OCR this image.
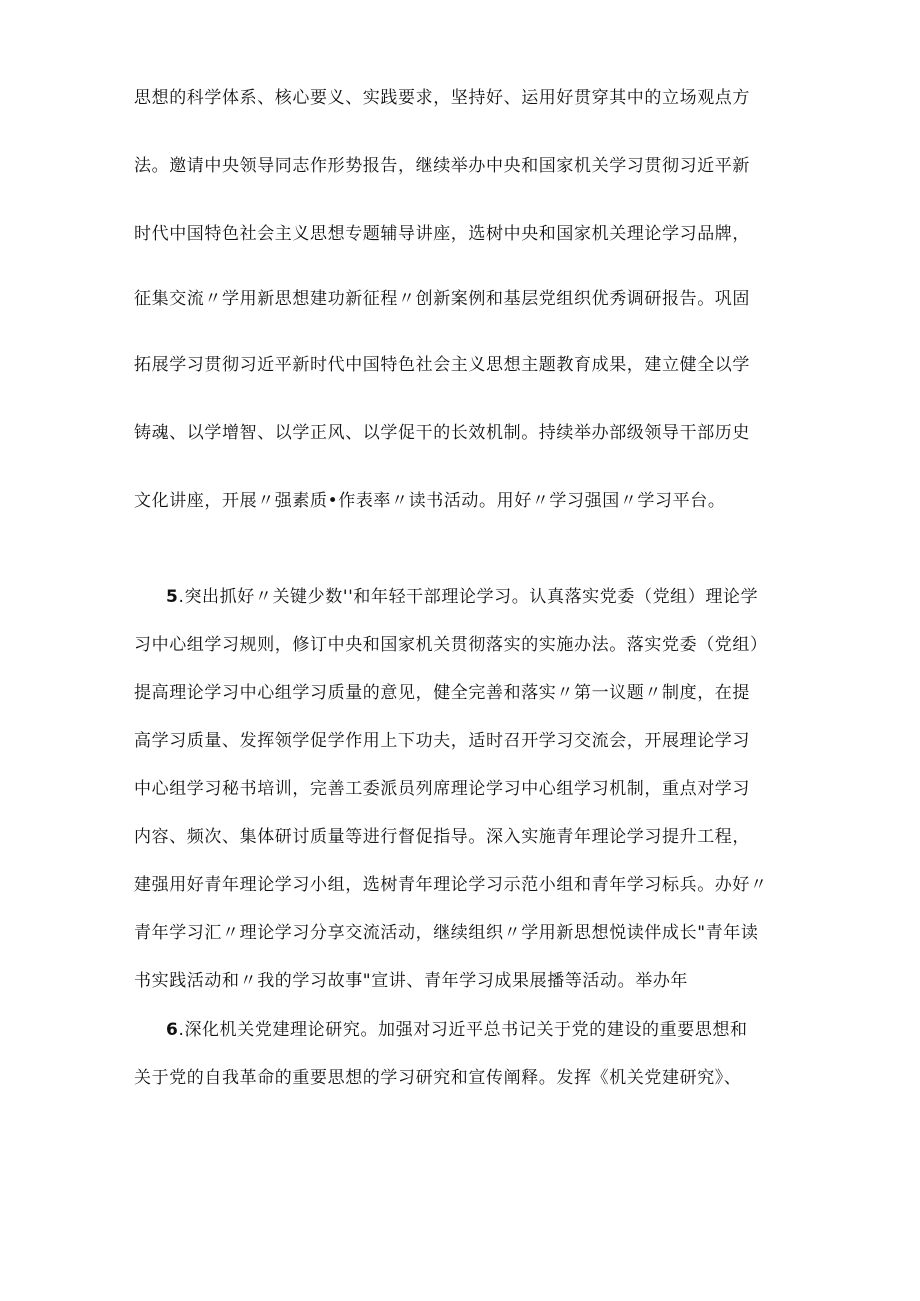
思想的科学体系、核心要义、实践要求，坚持好、运用好贯穿其中的立场观点方
法。邀请中央领导同志作形势报告，继续举办中央和国家机关学习贯彻习近平新
时代中国特色社会主义思想专题辅导讲座，选树中央和国家机关理论学习品牌，
征集交流〃学用新思想建功新征程〃创新案例和基层党组织优秀调研报告。巩固
拓展学习贯彻习近平新时代中国特色社会主义思想主题教育成果，建立健全以学
铸魂、以学增智、以学正风、以学促干的长效机制。持续举办部级领导干部历史
文化讲座，开展〃强素质•作表率〃读书活动。用好〃学习强国〃学习平台。
5.突出抓好〃关键少数''和年轻干部理论学习。认真落实党委（党组）理论学
习中心组学习规则，修订中央和国家机关贯彻落实的实施办法。落实党委（党组）
提高理论学习中心组学习质量的意见，健全完善和落实〃第一议题〃制度，在提
高学习质量、发挥领学促学作用上下功夫，适时召开学习交流会，开展理论学习
中心组学习秘书培训，完善工委派员列席理论学习中心组学习机制，重点对学习
内容、频次、集体研讨质量等进行督促指导。深入实施青年理论学习提升工程，
建强用好青年理论学习小组，选树青年理论学习示范小组和青年学习标兵。办好〃
青年学习汇〃理论学习分享交流活动，继续组织〃学用新思想悦读伴成长"青年读
书实践活动和〃我的学习故事"宣讲、青年学习成果展播等活动。举办年
6.深化机关党建理论研究。加强对习近平总书记关于党的建设的重要思想和
关于党的自我革命的重要思想的学习研究和宣传阐释。发挥《机关党建研究》、
